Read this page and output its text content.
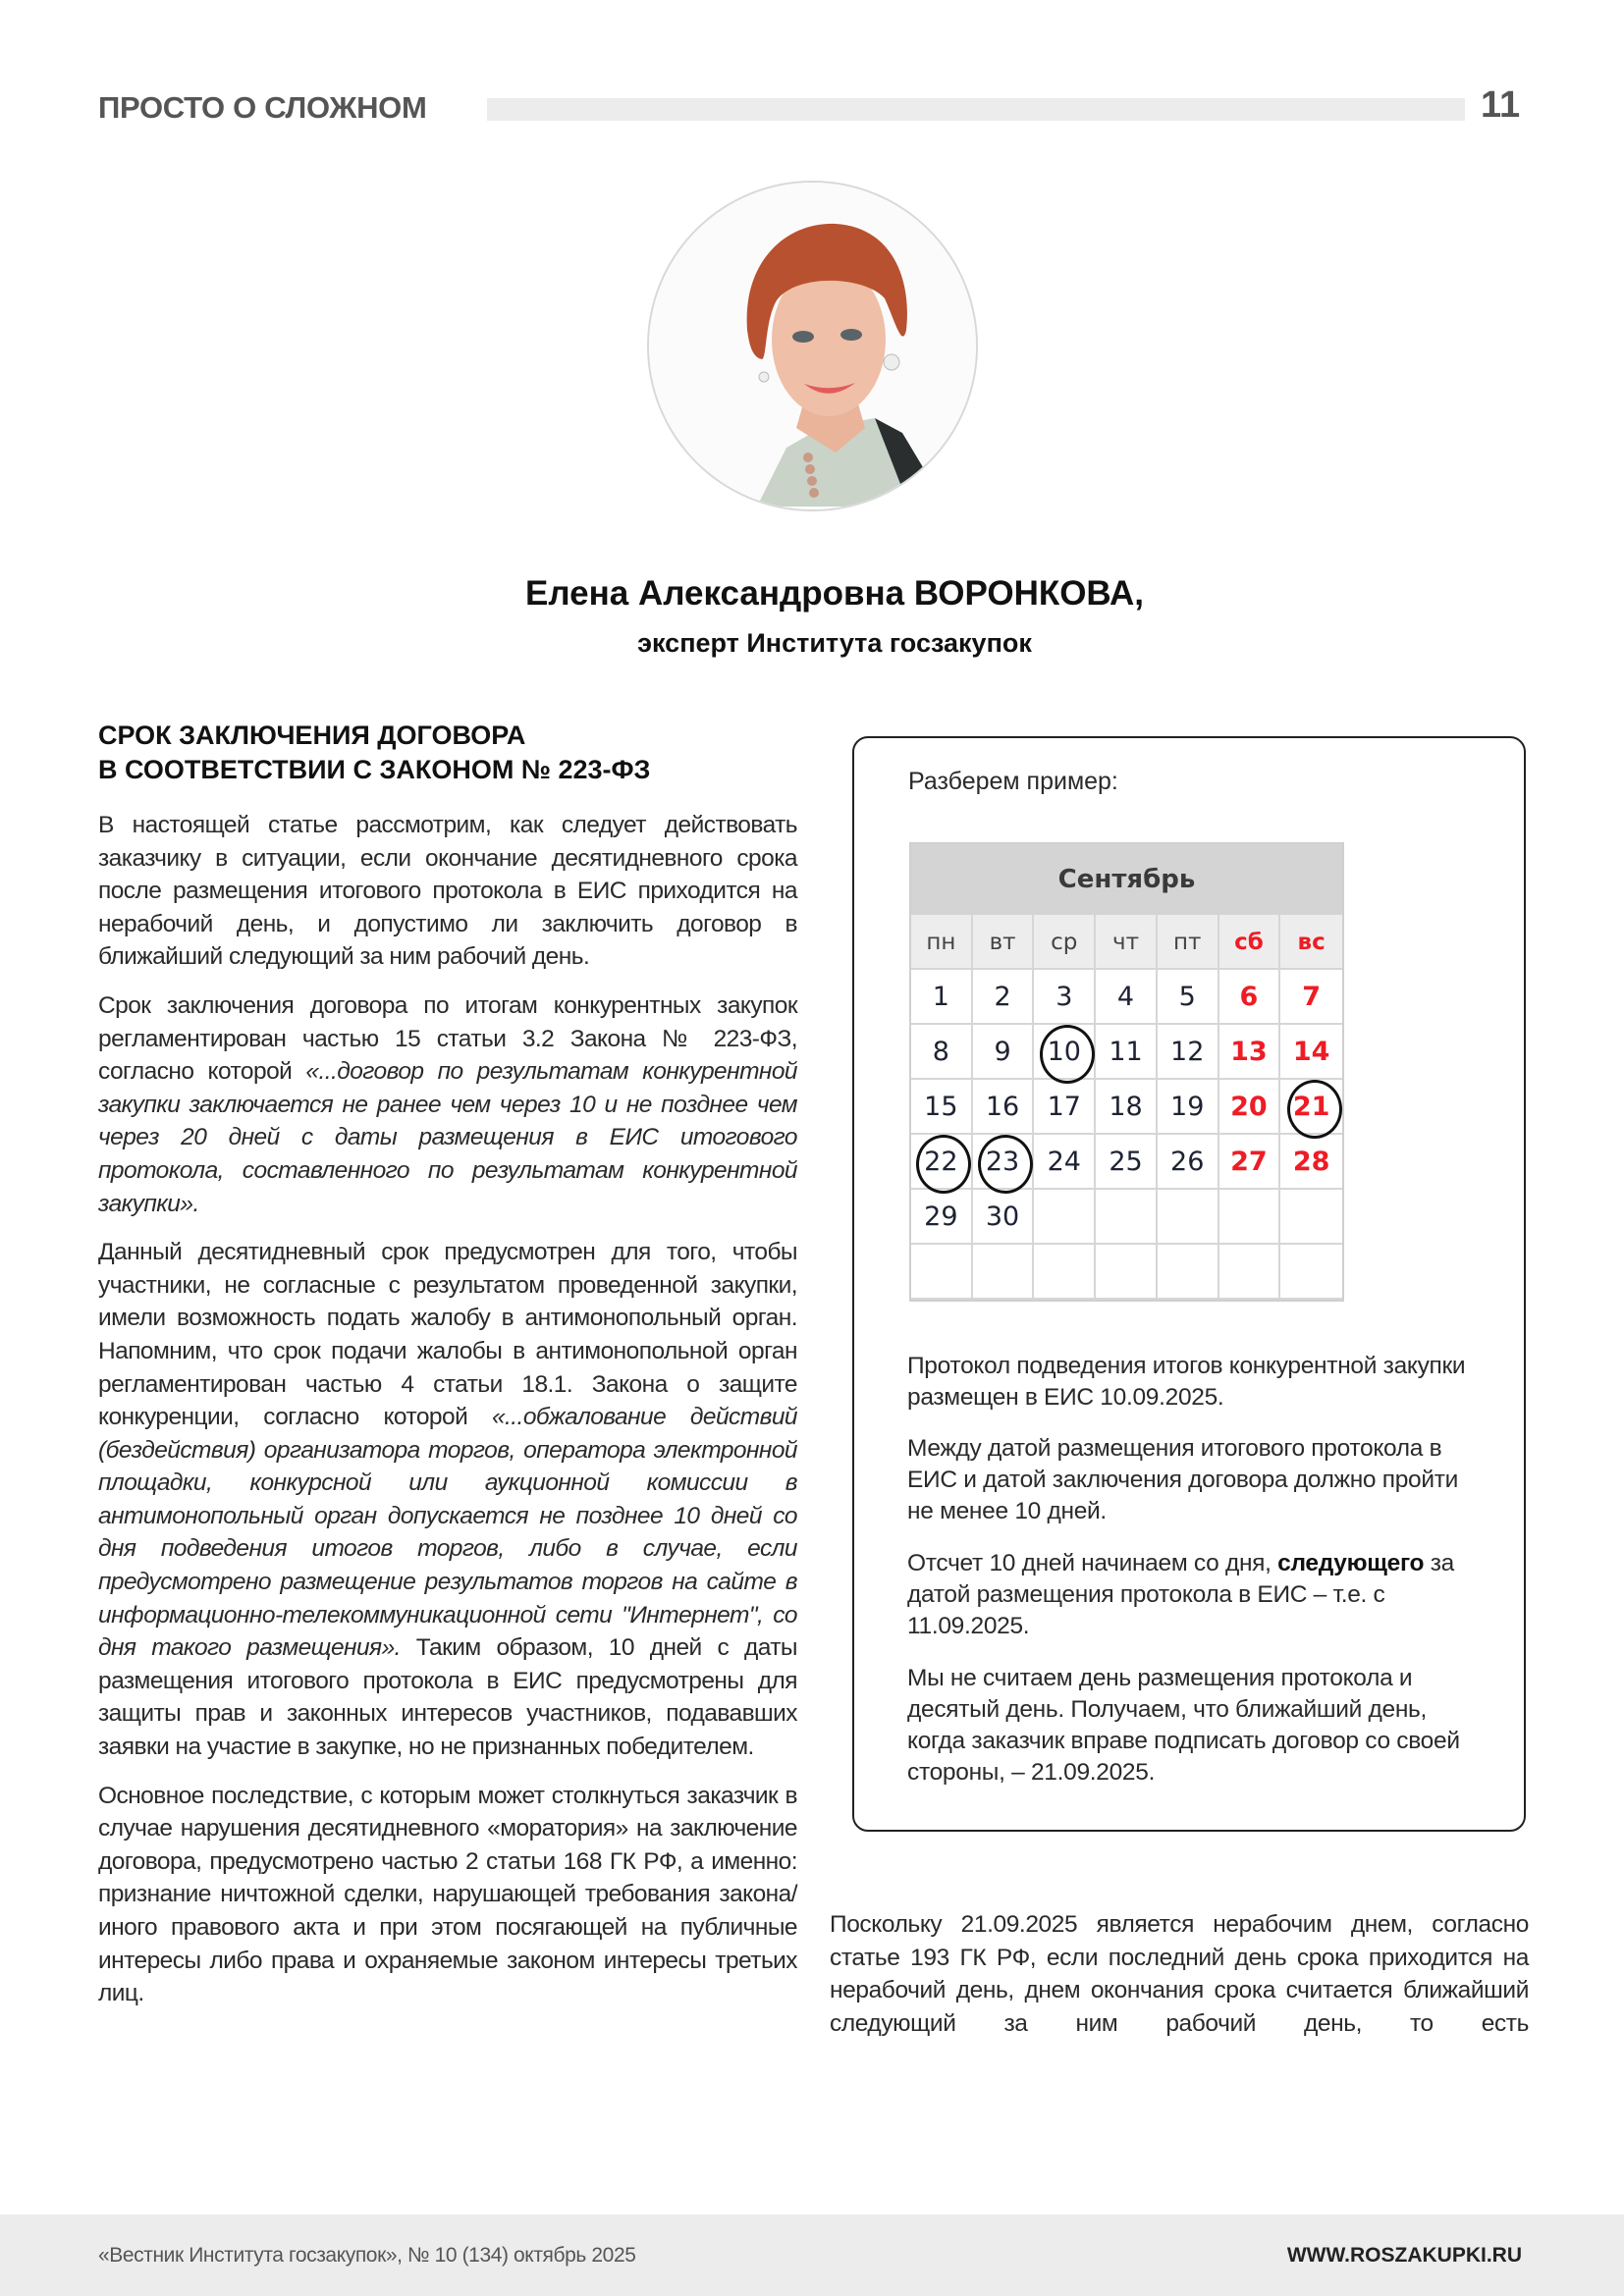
ПРОСТО О СЛОЖНОМ	11
Елена Александровна ВОРОНКОВА,
эксперт Института госзакупок
СРОК ЗАКЛЮЧЕНИЯ ДОГОВОРА
В СООТВЕТСТВИИ С ЗАКОНОМ № 223-ФЗ

В настоящей статье рассмотрим, как следует действовать заказчику в ситуации, если окончание десятидневного срока после размещения итогового протокола в ЕИС приходится на нерабочий день, и допустимо ли заключить договор в ближайший следующий за ним рабочий день.

Срок заключения договора по итогам конкурентных закупок регламентирован частью 15 статьи 3.2 Закона № 223-ФЗ, согласно которой «...договор по результатам конкурентной закупки заключается не ранее чем через 10 и не позднее чем через 20 дней с даты размещения в ЕИС итогового протокола, составленного по результатам конкурентной закупки».

Данный десятидневный срок предусмотрен для того, чтобы участники, не согласные с результатом проведенной закупки, имели возможность подать жалобу в антимонопольный орган. Напомним, что срок подачи жалобы в антимонопольной орган регламентирован частью 4 статьи 18.1. Закона о защите конкуренции, согласно которой «...обжалование действий (бездействия) организатора торгов, оператора электронной площадки, конкурсной или аукционной комиссии в антимонопольный орган допускается не позднее 10 дней со дня подведения итогов торгов, либо в случае, если предусмотрено размещение результатов торгов на сайте в информационно-телекоммуникационной сети "Интернет", со дня такого размещения». Таким образом, 10 дней с даты размещения итогового протокола в ЕИС предусмотрены для защиты прав и законных интересов участников, подававших заявки на участие в закупке, но не признанных победителем.

Основное последствие, с которым может столкнуться заказчик в случае нарушения десятидневного «моратория» на заключение договора, предусмотрено частью 2 статьи 168 ГК РФ, а именно: признание ничтожной сделки, нарушающей требования закона/иного правового акта и при этом посягающей на публичные интересы либо права и охраняемые законом интересы третьих лиц.

Разберем пример:
Сентябрь
пн	вт	ср	чт	пт	сб	вс
1	2	3	4	5	6	7
8	9	10	11	12 13 14
15	16	17	18	19 20 21
22	23	24	25	26 27 28
29	30
Протокол подведения итогов конкурентной закупки размещен в ЕИС 10.09.2025.
Между датой размещения итогового протокола в ЕИС и датой заключения договора должно пройти не менее 10 дней.
Отсчет 10 дней начинаем со дня, следующего за датой размещения протокола в ЕИС – т.е. с 11.09.2025.
Мы не считаем день размещения протокола и десятый день. Получаем, что ближайший день, когда заказчик вправе подписать договор со своей стороны, – 21.09.2025.
Поскольку 21.09.2025 является нерабочим днем, согласно статье 193 ГК РФ, если последний день срока приходится на нерабочий день, днем окончания срока считается ближайший следующий за ним рабочий день, то есть
«Вестник Института госзакупок», № 10 (134) октябрь 2025	WWW.ROSZAKUPKI.RU
